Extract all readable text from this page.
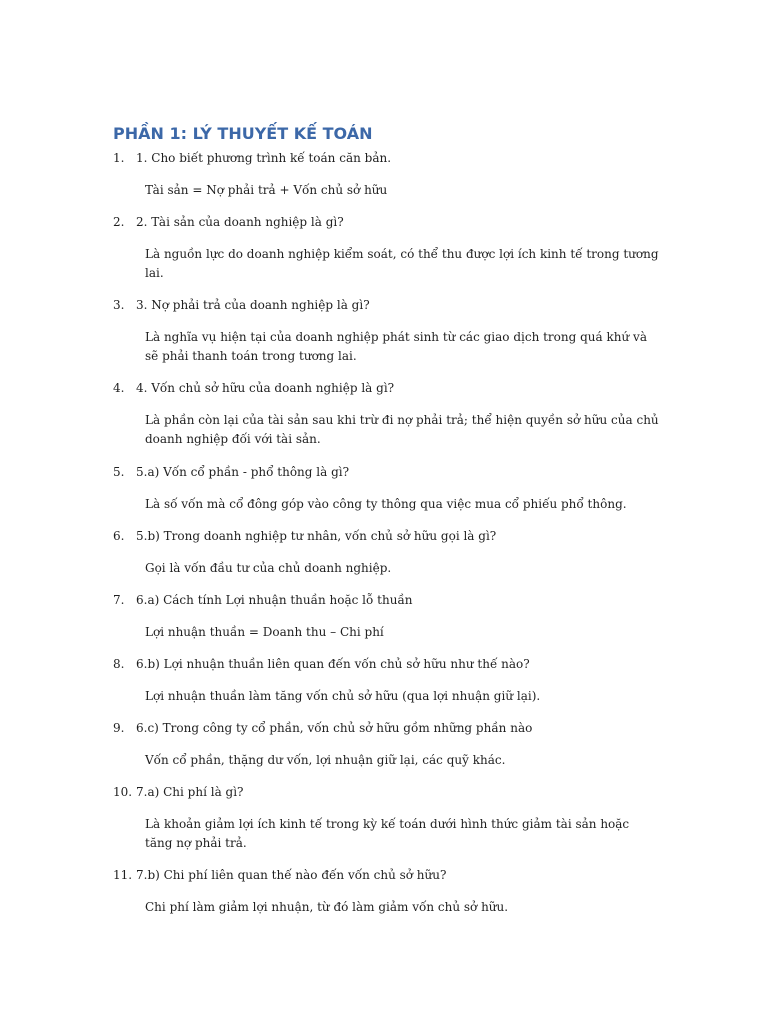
PHẦN 1: LÝ THUYẾT KẾ TOÁN
1. 1. Cho biết phương trình kế toán căn bản.
Tài sản = Nợ phải trả + Vốn chủ sở hữu
2. 2. Tài sản của doanh nghiệp là gì?
Là nguồn lực do doanh nghiệp kiểm soát, có thể thu được lợi ích kinh tế trong tương lai.
3. 3. Nợ phải trả của doanh nghiệp là gì?
Là nghĩa vụ hiện tại của doanh nghiệp phát sinh từ các giao dịch trong quá khứ và sẽ phải thanh toán trong tương lai.
4. 4. Vốn chủ sở hữu của doanh nghiệp là gì?
Là phần còn lại của tài sản sau khi trừ đi nợ phải trả; thể hiện quyền sở hữu của chủ doanh nghiệp đối với tài sản.
5. 5.a) Vốn cổ phần - phổ thông là gì?
Là số vốn mà cổ đông góp vào công ty thông qua việc mua cổ phiếu phổ thông.
6. 5.b) Trong doanh nghiệp tư nhân, vốn chủ sở hữu gọi là gì?
Gọi là vốn đầu tư của chủ doanh nghiệp.
7. 6.a) Cách tính Lợi nhuận thuần hoặc lỗ thuần
Lợi nhuận thuần = Doanh thu – Chi phí
8. 6.b) Lợi nhuận thuần liên quan đến vốn chủ sở hữu như thế nào?
Lợi nhuận thuần làm tăng vốn chủ sở hữu (qua lợi nhuận giữ lại).
9. 6.c) Trong công ty cổ phần, vốn chủ sở hữu gồm những phần nào
Vốn cổ phần, thặng dư vốn, lợi nhuận giữ lại, các quỹ khác.
10. 7.a) Chi phí là gì?
Là khoản giảm lợi ích kinh tế trong kỳ kế toán dưới hình thức giảm tài sản hoặc tăng nợ phải trả.
11. 7.b) Chi phí liên quan thế nào đến vốn chủ sở hữu?
Chi phí làm giảm lợi nhuận, từ đó làm giảm vốn chủ sở hữu.
